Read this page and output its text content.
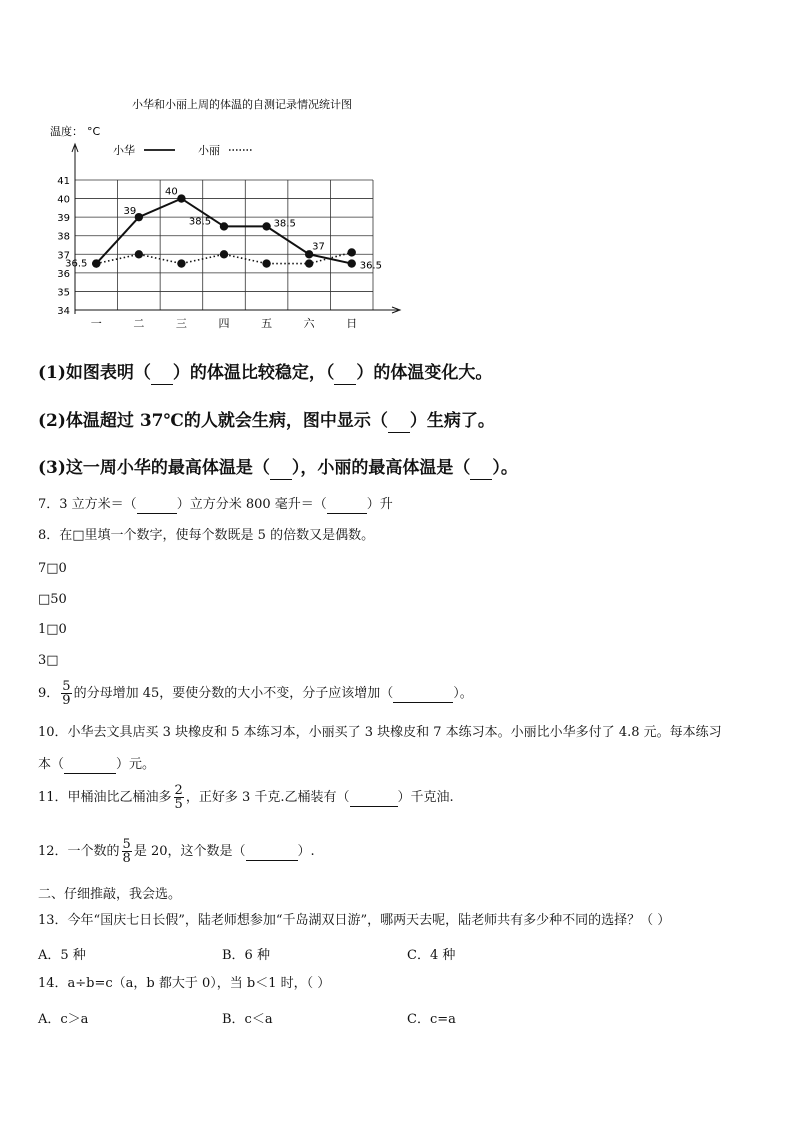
小华和小丽上周的体温的自测记录情况统计图
温度： °C
小华	小丽
34
35
36
37
38
39
40
41
一	二	三	四	五	六	日
36.5
39
40
38.5	38.5
37
36.5
(1)如图表明（ ）的体温比较稳定，（ ）的体温变化大。
(2)体温超过 37℃的人就会生病，图中显示（ ）生病了。
(3)这一周小华的最高体温是（ ），小丽的最高体温是（ ）。
7．3 立方米＝（	）立方分米 800 毫升＝（	）升
8．在□里填一个数字，使每个数既是 5 的倍数又是偶数。
7□0
□50
1□0
3□
9． $\frac{5}{9}$ 的分母增加 45，要使分数的大小不变，分子应该增加（	）。
10．小华去文具店买 3 块橡皮和 5 本练习本，小丽买了 3 块橡皮和 7 本练习本。小丽比小华多付了 4.8 元。每本练习
本（	）元。
11．甲桶油比乙桶油多 $\frac{2}{5}$ ，正好多 3 千克.乙桶装有（	）千克油.
12．一个数的 $\frac{5}{8}$ 是 20，这个数是（	）.
二、仔细推敲，我会选。
13．今年“国庆七日长假”，陆老师想参加“千岛湖双日游”，哪两天去呢，陆老师共有多少种不同的选择？（ ）
A．5 种	B．6 种	C．4 种
14．a÷b=c（a，b 都大于 0），当 b＜1 时，（ ）
A．c＞a	B．c＜a	C．c=a
